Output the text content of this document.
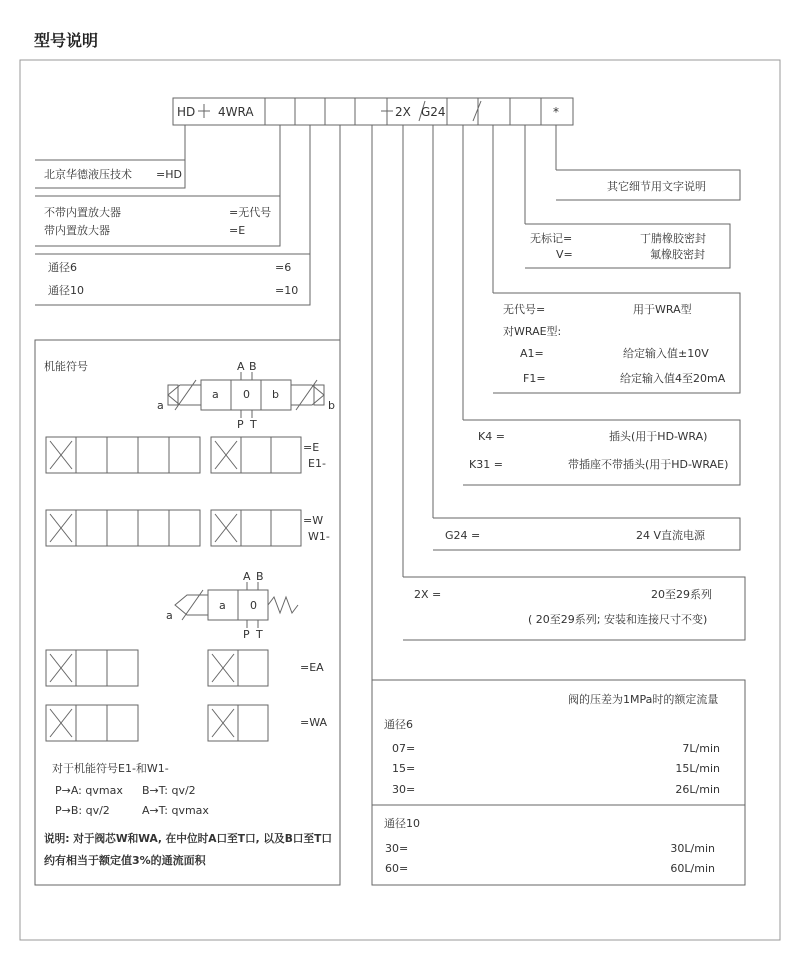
型号说明
HD 4WRA	2X G24	*
北京华德液压技术 =HD
不带内置放大器	=无代号
带内置放大器	=E
通径6	=6
通径10	=10
其它细节用文字说明
无标记=	丁腈橡胶密封
V=	氟橡胶密封
无代号=	用于WRA型
对WRAE型:
A1=	给定输入值±10V
F1=	给定输入值4至20mA
K4 =	插头(用于HD-WRA)
K31 =	带插座不带插头(用于HD-WRAE)
G24 =	24 V直流电源
2X =	20至29系列
( 20至29系列; 安装和连接尺寸不变)
阀的压差为1MPa时的额定流量
通径6
07=	7L/min
15=	15L/min
30=	26L/min
通径10
30=	30L/min
60=	60L/min
机能符号	A B
P T
a	b
a 0 b
=E
E1-
=W
W1-
A B
P T
a
a 0
=EA
=WA
对于机能符号E1-和W1-
P→A: qvmax B→T: qv/2
P→B: qv/2	A→T: qvmax
说明: 对于阀芯W和WA, 在中位时A口至T口, 以及B口至T口
约有相当于额定值3%的通流面积
